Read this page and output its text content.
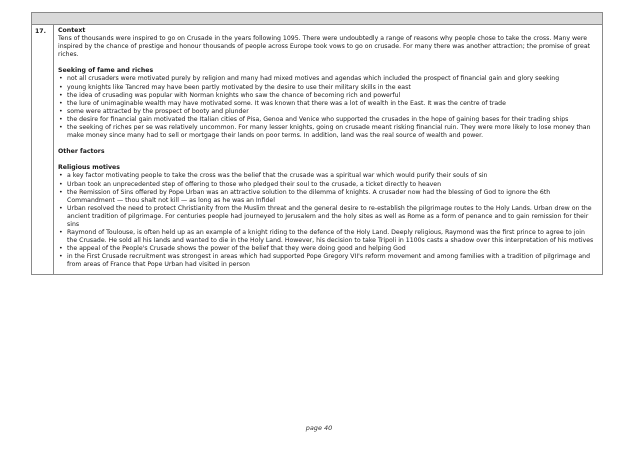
17.	Context

Tens of thousands were inspired to go on Crusade in the years following 1095. There were undoubtedly a range of reasons why people chose to take the cross. Many were inspired by the chance of prestige and honour thousands of people across Europe took vows to go on crusade. For many there was another attraction; the promise of great riches.

Seeking of fame and riches
• not all crusaders were motivated purely by religion and many had mixed motives and agendas which included the prospect of financial gain and glory seeking
• young knights like Tancred may have been partly motivated by the desire to use their military skills in the east
• the idea of crusading was popular with Norman knights who saw the chance of becoming rich and powerful
• the lure of unimaginable wealth may have motivated some. It was known that there was a lot of wealth in the East. It was the centre of trade
• some were attracted by the prospect of booty and plunder
• the desire for financial gain motivated the Italian cities of Pisa, Genoa and Venice who supported the crusades in the hope of gaining bases for their trading ships
• the seeking of riches per se was relatively uncommon. For many lesser knights, going on crusade meant risking financial ruin. They were more likely to lose money than make money since many had to sell or mortgage their lands on poor terms. In addition, land was the real source of wealth and power.
Other factors
Religious motives
• a key factor motivating people to take the cross was the belief that the crusade was a spiritual war which would purify their souls of sin
• Urban took an unprecedented step of offering to those who pledged their soul to the crusade, a ticket directly to heaven
• the Remission of Sins offered by Pope Urban was an attractive solution to the dilemma of knights. A crusader now had the blessing of God to ignore the 6th Commandment — thou shalt not kill — as long as he was an Infidel
• Urban resolved the need to protect Christianity from the Muslim threat and the general desire to re-establish the pilgrimage routes to the Holy Lands. Urban drew on the ancient tradition of pilgrimage. For centuries people had journeyed to Jerusalem and the holy sites as well as Rome as a form of penance and to gain remission for their sins
• Raymond of Toulouse, is often held up as an example of a knight riding to the defence of the Holy Land. Deeply religious, Raymond was the first prince to agree to join the Crusade. He sold all his lands and wanted to die in the Holy Land. However, his decision to take Tripoli in 1100s casts a shadow over this interpretation of his motives
• the appeal of the People's Crusade shows the power of the belief that they were doing good and helping God
• in the First Crusade recruitment was strongest in areas which had supported Pope Gregory VII's reform movement and among families with a tradition of pilgrimage and from areas of France that Pope Urban had visited in person
page 40
